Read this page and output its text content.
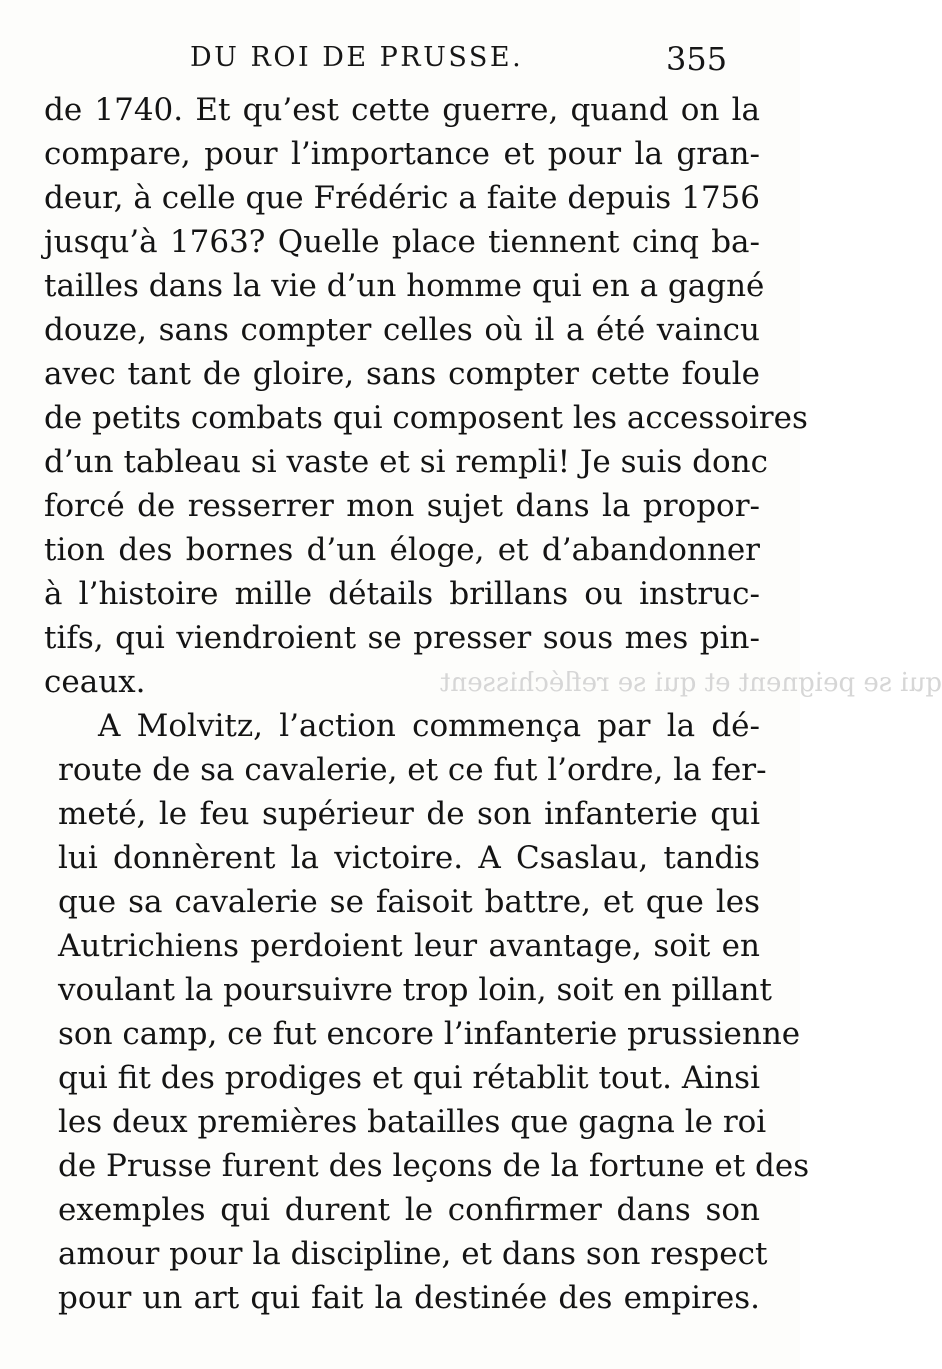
DU ROI DE PRUSSE.	355
qui se peignent et qui se refléchissent
de 1740. Et qu’est cette guerre, quand on la
compare, pour l’importance et pour la gran-
deur, à celle que Frédéric a faite depuis 1756
jusqu’à 1763? Quelle place tiennent cinq ba-
tailles dans la vie d’un homme qui en a gagné
douze, sans compter celles où il a été vaincu
avec tant de gloire, sans compter cette foule
de petits combats qui composent les accessoires
d’un tableau si vaste et si rempli! Je suis donc
forcé de resserrer mon sujet dans la propor-
tion des bornes d’un éloge, et d’abandonner
à l’histoire mille détails brillans ou instruc-
tifs, qui viendroient se presser sous mes pin-
ceaux.
A Molvitz, l’action commença par la dé-
route de sa cavalerie, et ce fut l’ordre, la fer-
meté, le feu supérieur de son infanterie qui
lui donnèrent la victoire. A Csaslau, tandis
que sa cavalerie se faisoit battre, et que les
Autrichiens perdoient leur avantage, soit en
voulant la poursuivre trop loin, soit en pillant
son camp, ce fut encore l’infanterie prussienne
qui fit des prodiges et qui rétablit tout. Ainsi
les deux premières batailles que gagna le roi
de Prusse furent des leçons de la fortune et des
exemples qui durent le confirmer dans son
amour pour la discipline, et dans son respect
pour un art qui fait la destinée des empires.
